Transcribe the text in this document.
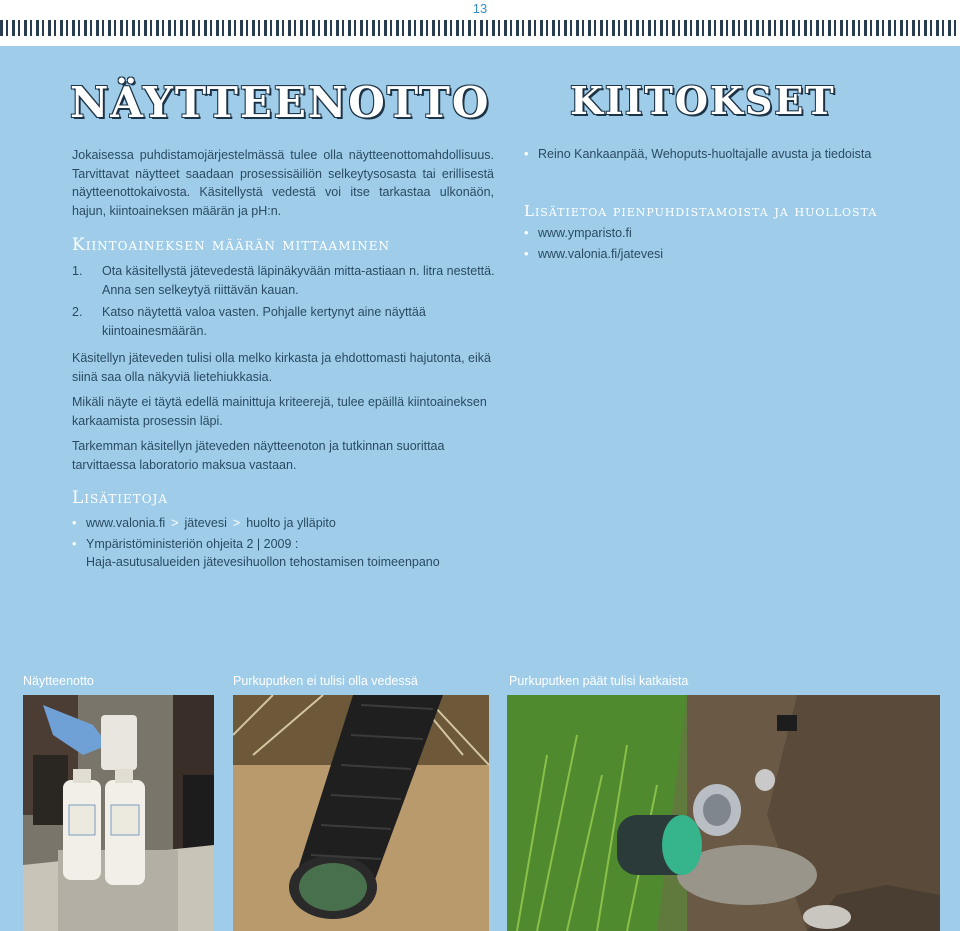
13
NÄYTTEENOTTO KIITOKSET

Jokaisessa puhdistamojärjestelmässä tulee olla näytteenottomahdollisuus. Tarvittavat näytteet saadaan prosessisäiliön selkeytysosasta tai erillisestä näytteenottokaivosta. Käsitellystä vedestä voi itse tarkastaa ulkonäön, hajun, kiintoaineksen määrän ja pH:n.

Kiintoaineksen määrän mittaaminen
1.	Ota käsitellystä jätevedestä läpinäkyvään mitta-astiaan n. litra nestettä. Anna sen selkeytyä riittävän kauan.
2.	Katso näytettä valoa vasten. Pohjalle kertynyt aine näyttää kiintoainesmäärän.

Käsitellyn jäteveden tulisi olla melko kirkasta ja ehdottomasti hajutonta, eikä siinä saa olla näkyviä lietehiukkasia.

Mikäli näyte ei täytä edellä mainittuja kriteerejä, tulee epäillä kiintoaineksen karkaamista prosessin läpi.

Tarkemman käsitellyn jäteveden näytteenoton ja tutkinnan suorittaa tarvittaessa laboratorio maksua vastaan.

Lisätietoja
• www.valonia.fi > jätevesi > huolto ja ylläpito
• Ympäristöministeriön ohjeita 2 | 2009 :
Haja-asutusalueiden jätevesihuollon tehostamisen toimeenpano
• Reino Kankaanpää, Wehoputs-huoltajalle avusta ja tiedoista
Lisätietoa pienpuhdistamoista ja huollosta
• www.ymparisto.fi
• www.valonia.fi/jatevesi
Näytteenotto	Purkuputken ei tulisi olla vedessä	Purkuputken päät tulisi katkaista
